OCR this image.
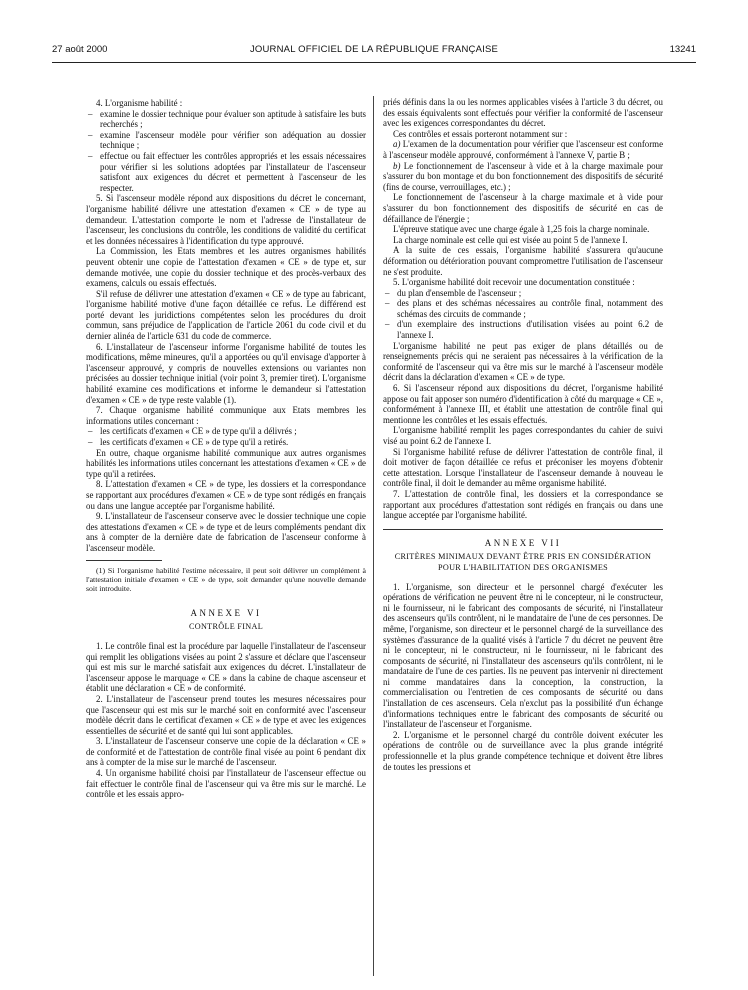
27 août 2000	JOURNAL OFFICIEL DE LA RÉPUBLIQUE FRANÇAISE	13241

4. L'organisme habilité :

– examine le dossier technique pour évaluer son aptitude à satisfaire les buts recherchés ;
– examine l'ascenseur modèle pour vérifier son adéquation au dossier technique ;
– effectue ou fait effectuer les contrôles appropriés et les essais nécessaires pour vérifier si les solutions adoptées par l'installateur de l'ascenseur satisfont aux exigences du décret et permettent à l'ascenseur de les respecter.

5. Si l'ascenseur modèle répond aux dispositions du décret le concernant, l'organisme habilité délivre une attestation d'examen « CE » de type au demandeur. L'attestation comporte le nom et l'adresse de l'installateur de l'ascenseur, les conclusions du contrôle, les conditions de validité du certificat et les données nécessaires à l'identification du type approuvé.

La Commission, les Etats membres et les autres organismes habilités peuvent obtenir une copie de l'attestation d'examen « CE » de type et, sur demande motivée, une copie du dossier technique et des procès-verbaux des examens, calculs ou essais effectués.

S'il refuse de délivrer une attestation d'examen « CE » de type au fabricant, l'organisme habilité motive d'une façon détaillée ce refus. Le différend est porté devant les juridictions compétentes selon les procédures du droit commun, sans préjudice de l'application de l'article 2061 du code civil et du dernier alinéa de l'article 631 du code de commerce.

6. L'installateur de l'ascenseur informe l'organisme habilité de toutes les modifications, même mineures, qu'il a apportées ou qu'il envisage d'apporter à l'ascenseur approuvé, y compris de nouvelles extensions ou variantes non précisées au dossier technique initial (voir point 3, premier tiret). L'organisme habilité examine ces modifications et informe le demandeur si l'attestation d'examen « CE » de type reste valable (1).

7. Chaque organisme habilité communique aux Etats membres les informations utiles concernant :

– les certificats d'examen « CE » de type qu'il a délivrés ;
– les certificats d'examen « CE » de type qu'il a retirés.

En outre, chaque organisme habilité communique aux autres organismes habilités les informations utiles concernant les attestations d'examen « CE » de type qu'il a retirées.

8. L'attestation d'examen « CE » de type, les dossiers et la correspondance se rapportant aux procédures d'examen « CE » de type sont rédigés en français ou dans une langue acceptée par l'organisme habilité.

9. L'installateur de l'ascenseur conserve avec le dossier technique une copie des attestations d'examen « CE » de type et de leurs compléments pendant dix ans à compter de la dernière date de fabrication de l'ascenseur conforme à l'ascenseur modèle.

(1) Si l'organisme habilité l'estime nécessaire, il peut soit délivrer un complément à l'attestation initiale d'examen « CE » de type, soit demander qu'une nouvelle demande soit introduite.

ANNEXE VI

CONTRÔLE FINAL

1. Le contrôle final est la procédure par laquelle l'installateur de l'ascenseur qui remplit les obligations visées au point 2 s'assure et déclare que l'ascenseur qui est mis sur le marché satisfait aux exigences du décret. L'installateur de l'ascenseur appose le marquage « CE » dans la cabine de chaque ascenseur et établit une déclaration « CE » de conformité.

2. L'installateur de l'ascenseur prend toutes les mesures nécessaires pour que l'ascenseur qui est mis sur le marché soit en conformité avec l'ascenseur modèle décrit dans le certificat d'examen « CE » de type et avec les exigences essentielles de sécurité et de santé qui lui sont applicables.

3. L'installateur de l'ascenseur conserve une copie de la déclaration « CE » de conformité et de l'attestation de contrôle final visée au point 6 pendant dix ans à compter de la mise sur le marché de l'ascenseur.

4. Un organisme habilité choisi par l'installateur de l'ascenseur effectue ou fait effectuer le contrôle final de l'ascenseur qui va être mis sur le marché. Le contrôle et les essais appro-

priés définis dans la ou les normes applicables visées à l'article 3 du décret, ou des essais équivalents sont effectués pour vérifier la conformité de l'ascenseur avec les exigences correspondantes du décret.

Ces contrôles et essais porteront notamment sur :

a) L'examen de la documentation pour vérifier que l'ascenseur est conforme à l'ascenseur modèle approuvé, conformément à l'annexe V, partie B ;

b) Le fonctionnement de l'ascenseur à vide et à la charge maximale pour s'assurer du bon montage et du bon fonctionnement des dispositifs de sécurité (fins de course, verrouillages, etc.) ;

Le fonctionnement de l'ascenseur à la charge maximale et à vide pour s'assurer du bon fonctionnement des dispositifs de sécurité en cas de défaillance de l'énergie ;

L'épreuve statique avec une charge égale à 1,25 fois la charge nominale.

La charge nominale est celle qui est visée au point 5 de l'annexe I.

A la suite de ces essais, l'organisme habilité s'assurera qu'aucune déformation ou détérioration pouvant compromettre l'utilisation de l'ascenseur ne s'est produite.

5. L'organisme habilité doit recevoir une documentation constituée :

– du plan d'ensemble de l'ascenseur ;
– des plans et des schémas nécessaires au contrôle final, notamment des schémas des circuits de commande ;
– d'un exemplaire des instructions d'utilisation visées au point 6.2 de l'annexe I.

L'organisme habilité ne peut pas exiger de plans détaillés ou de renseignements précis qui ne seraient pas nécessaires à la vérification de la conformité de l'ascenseur qui va être mis sur le marché à l'ascenseur modèle décrit dans la déclaration d'examen « CE » de type.

6. Si l'ascenseur répond aux dispositions du décret, l'organisme habilité appose ou fait apposer son numéro d'identification à côté du marquage « CE », conformément à l'annexe III, et établit une attestation de contrôle final qui mentionne les contrôles et les essais effectués.

L'organisme habilité remplit les pages correspondantes du cahier de suivi visé au point 6.2 de l'annexe I.

Si l'organisme habilité refuse de délivrer l'attestation de contrôle final, il doit motiver de façon détaillée ce refus et préconiser les moyens d'obtenir cette attestation. Lorsque l'installateur de l'ascenseur demande à nouveau le contrôle final, il doit le demander au même organisme habilité.

7. L'attestation de contrôle final, les dossiers et la correspondance se rapportant aux procédures d'attestation sont rédigés en français ou dans une langue acceptée par l'organisme habilité.

ANNEXE VII

CRITÈRES MINIMAUX DEVANT ÊTRE PRIS EN CONSIDÉRATION POUR L'HABILITATION DES ORGANISMES

1. L'organisme, son directeur et le personnel chargé d'exécuter les opérations de vérification ne peuvent être ni le concepteur, ni le constructeur, ni le fournisseur, ni le fabricant des composants de sécurité, ni l'installateur des ascenseurs qu'ils contrôlent, ni le mandataire de l'une de ces personnes. De même, l'organisme, son directeur et le personnel chargé de la surveillance des systèmes d'assurance de la qualité visés à l'article 7 du décret ne peuvent être ni le concepteur, ni le constructeur, ni le fournisseur, ni le fabricant des composants de sécurité, ni l'installateur des ascenseurs qu'ils contrôlent, ni le mandataire de l'une de ces parties. Ils ne peuvent pas intervenir ni directement ni comme mandataires dans la conception, la construction, la commercialisation ou l'entretien de ces composants de sécurité ou dans l'installation de ces ascenseurs. Cela n'exclut pas la possibilité d'un échange d'informations techniques entre le fabricant des composants de sécurité ou l'installateur de l'ascenseur et l'organisme.

2. L'organisme et le personnel chargé du contrôle doivent exécuter les opérations de contrôle ou de surveillance avec la plus grande intégrité professionnelle et la plus grande compétence technique et doivent être libres de toutes les pressions et
